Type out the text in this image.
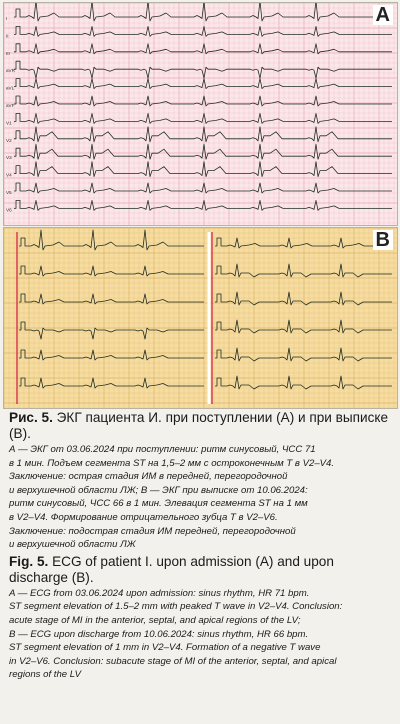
I
II
III
aVR
aVL
aVF
V1
V2
V3
V4
V5
V6
A
B

Рис. 5. ЭКГ пациента И. при поступлении (А) и при выписке (В).

А — ЭКГ от 03.06.2024 при поступлении: ритм синусовый, ЧСС 71

в 1 мин. Подъем сегмента ST на 1,5–2 мм с остроконечным Т в V2–V4.

Заключение: острая стадия ИМ в передней, перегородочной

и верхушечной области ЛЖ; В — ЭКГ при выписке от 10.06.2024:

ритм синусовый, ЧСС 66 в 1 мин. Элевация сегмента ST на 1 мм

в V2–V4. Формирование отрицательного зубца Т в V2–V6.

Заключение: подострая стадия ИМ передней, перегородочной

и верхушечной области ЛЖ

Fig. 5. ECG of patient I. upon admission (A) and upon discharge (B).

A — ECG from 03.06.2024 upon admission: sinus rhythm, HR 71 bpm.

ST segment elevation of 1.5–2 mm with peaked T wave in V2–V4. Conclusion:

acute stage of MI in the anterior, septal, and apical regions of the LV;

B — ECG upon discharge from 10.06.2024: sinus rhythm, HR 66 bpm.

ST segment elevation of 1 mm in V2–V4. Formation of a negative T wave

in V2–V6. Conclusion: subacute stage of MI of the anterior, septal, and apical

regions of the LV
